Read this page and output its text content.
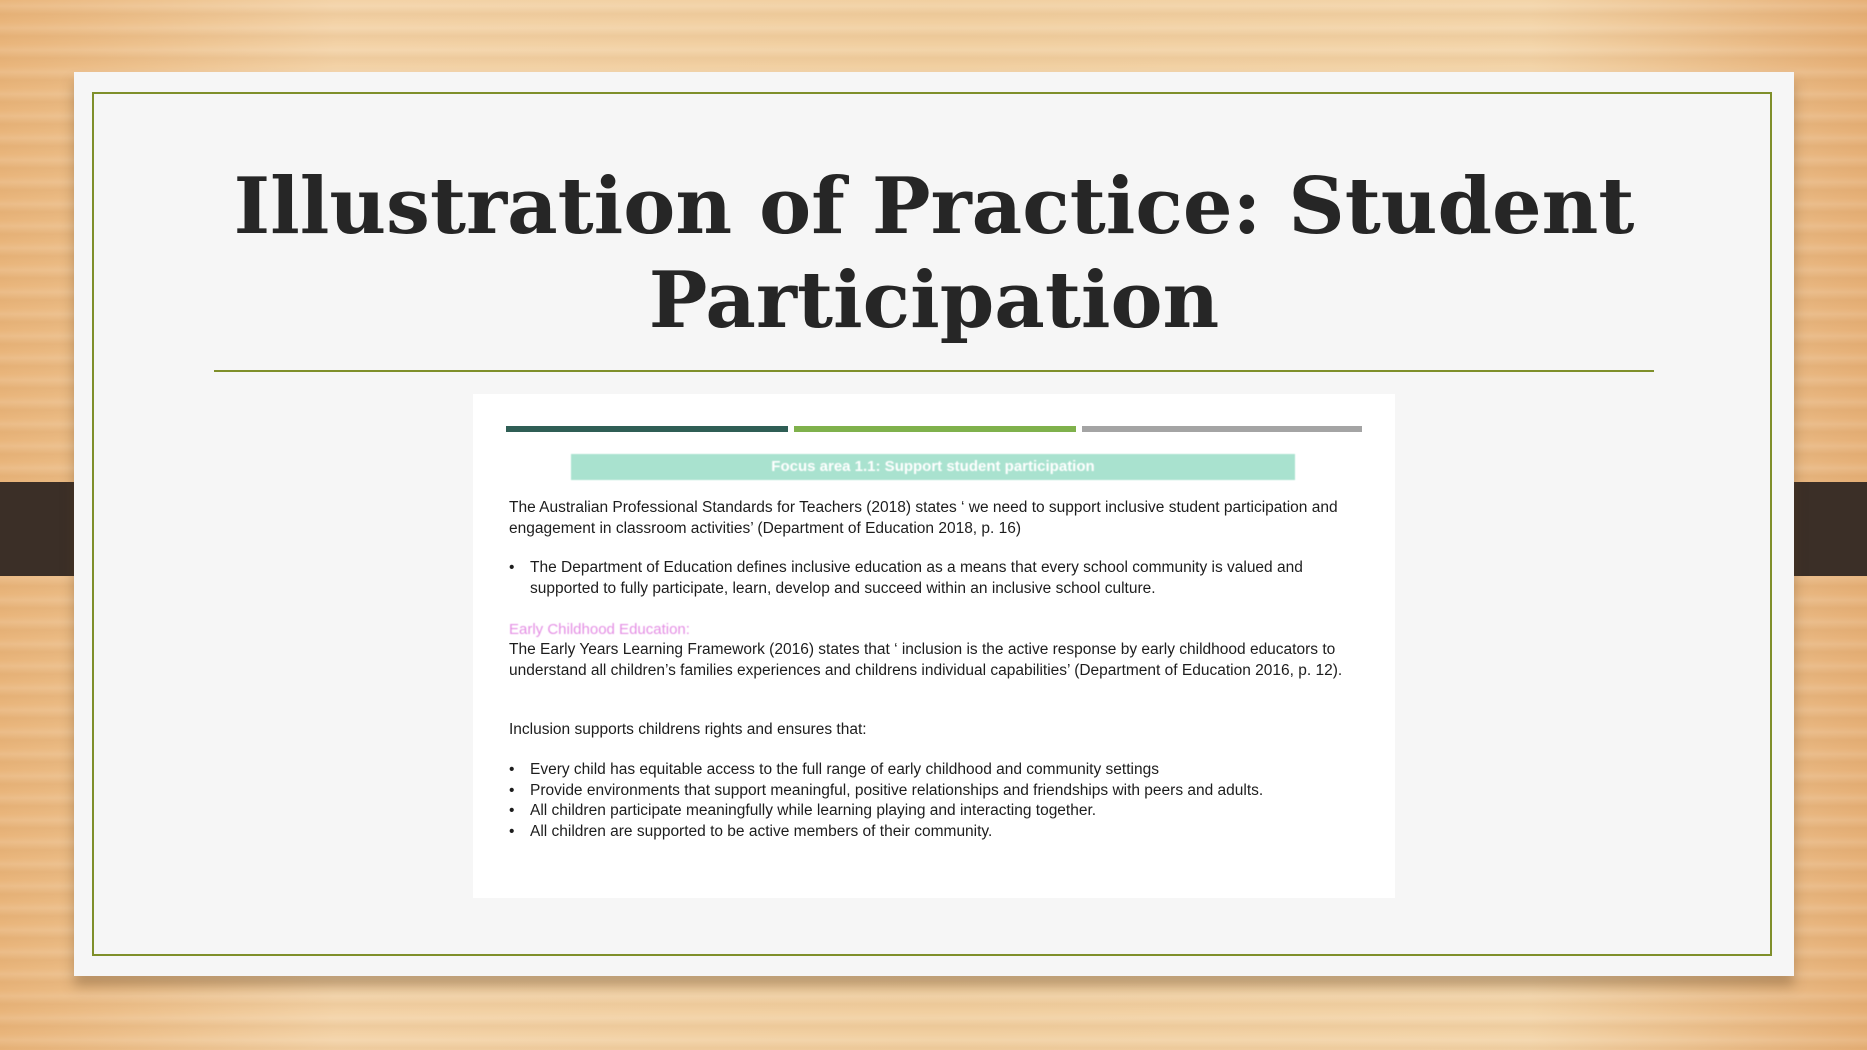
Illustration of Practice: Student Participation
Focus area 1.1: Support student participation

The Australian Professional Standards for Teachers (2018) states ‘ we need to support inclusive student participation and engagement in classroom activities’ (Department of Education 2018, p. 16)

• The Department of Education defines inclusive education as a means that every school community is valued and supported to fully participate, learn, develop and succeed within an inclusive school culture.
Early Childhood Education:

The Early Years Learning Framework (2016) states that ‘ inclusion is the active response by early childhood educators to understand all children’s families experiences and childrens individual capabilities’ (Department of Education 2016, p. 12).

Inclusion supports childrens rights and ensures that:

• Every child has equitable access to the full range of early childhood and community settings
• Provide environments that support meaningful, positive relationships and friendships with peers and adults.
• All children participate meaningfully while learning playing and interacting together.
• All children are supported to be active members of their community.
